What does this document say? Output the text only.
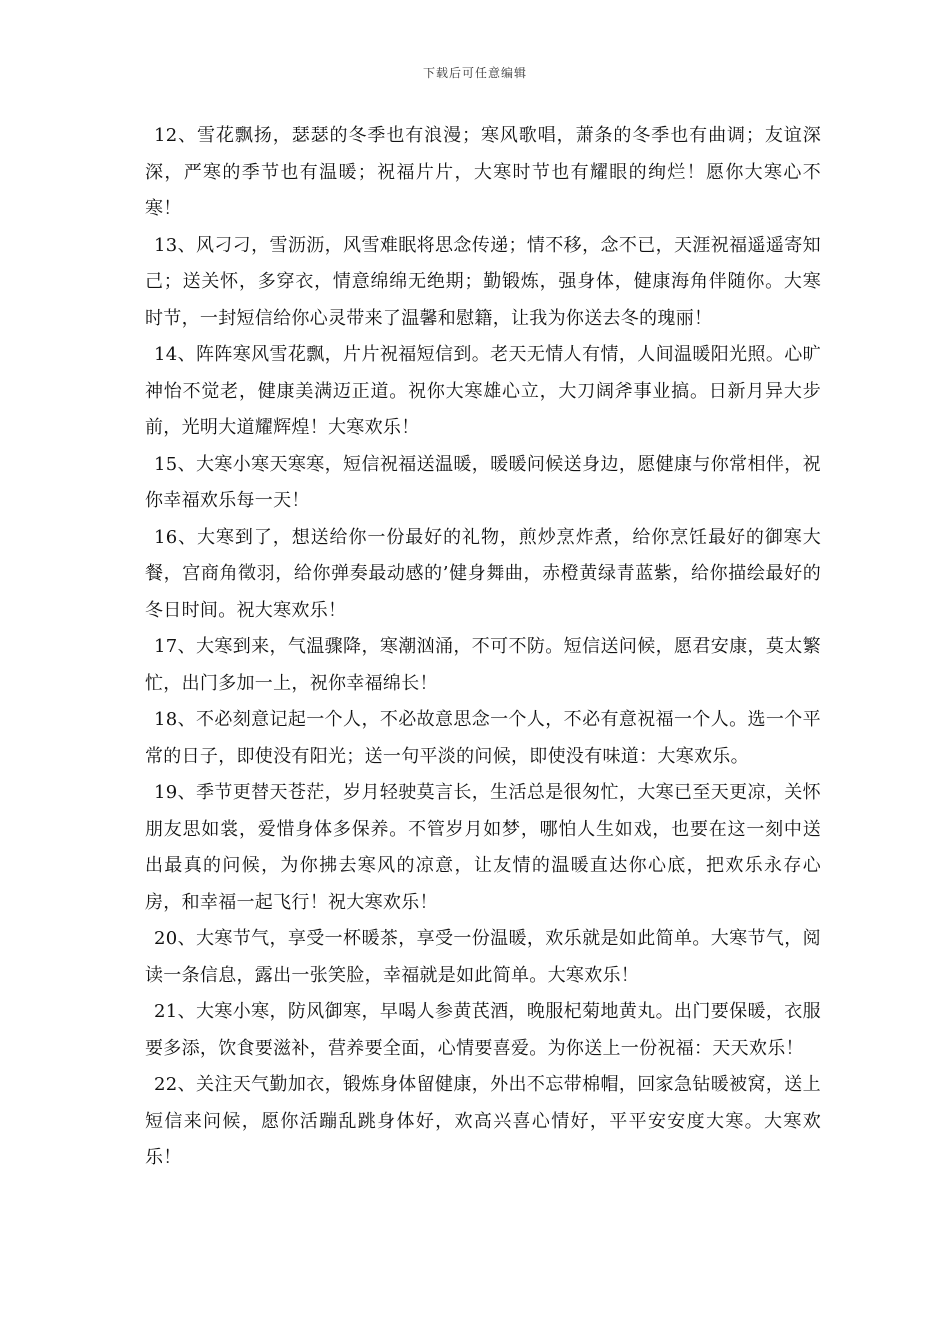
下载后可任意编辑

12、雪花飘扬，瑟瑟的冬季也有浪漫；寒风歌唱，萧条的冬季也有曲调；友谊深深，严寒的季节也有温暖；祝福片片，大寒时节也有耀眼的绚烂！愿你大寒心不寒！

13、风刁刁，雪沥沥，风雪难眠将思念传递；情不移，念不已，天涯祝福遥遥寄知己；送关怀，多穿衣，情意绵绵无绝期；勤锻炼，强身体，健康海角伴随你。大寒时节，一封短信给你心灵带来了温馨和慰籍，让我为你送去冬的瑰丽！

14、阵阵寒风雪花飘，片片祝福短信到。老天无情人有情，人间温暖阳光照。心旷神怡不觉老，健康美满迈正道。祝你大寒雄心立，大刀阔斧事业搞。日新月异大步前，光明大道耀辉煌！大寒欢乐！

15、大寒小寒天寒寒，短信祝福送温暖，暖暖问候送身边，愿健康与你常相伴，祝你幸福欢乐每一天！

16、大寒到了，想送给你一份最好的礼物，煎炒烹炸煮，给你烹饪最好的御寒大餐，宫商角徵羽，给你弹奏最动感的’健身舞曲，赤橙黄绿青蓝紫，给你描绘最好的冬日时间。祝大寒欢乐！

17、大寒到来，气温骤降，寒潮汹涌，不可不防。短信送问候，愿君安康，莫太繁忙，出门多加一上，祝你幸福绵长！

18、不必刻意记起一个人，不必故意思念一个人，不必有意祝福一个人。选一个平常的日子，即使没有阳光；送一句平淡的问候，即使没有味道：大寒欢乐。

19、季节更替天苍茫，岁月轻驶莫言长，生活总是很匆忙，大寒已至天更凉，关怀朋友思如裳，爱惜身体多保养。不管岁月如梦，哪怕人生如戏，也要在这一刻中送出最真的问候，为你拂去寒风的凉意，让友情的温暖直达你心底，把欢乐永存心房，和幸福一起飞行！祝大寒欢乐！

20、大寒节气，享受一杯暖茶，享受一份温暖，欢乐就是如此简单。大寒节气，阅读一条信息，露出一张笑脸，幸福就是如此简单。大寒欢乐！

21、大寒小寒，防风御寒，早喝人参黄芪酒，晚服杞菊地黄丸。出门要保暖，衣服要多添，饮食要滋补，营养要全面，心情要喜爱。为你送上一份祝福：天天欢乐！

22、关注天气勤加衣，锻炼身体留健康，外出不忘带棉帽，回家急钻暖被窝，送上短信来问候，愿你活蹦乱跳身体好，欢高兴喜心情好，平平安安度大寒。大寒欢乐！
